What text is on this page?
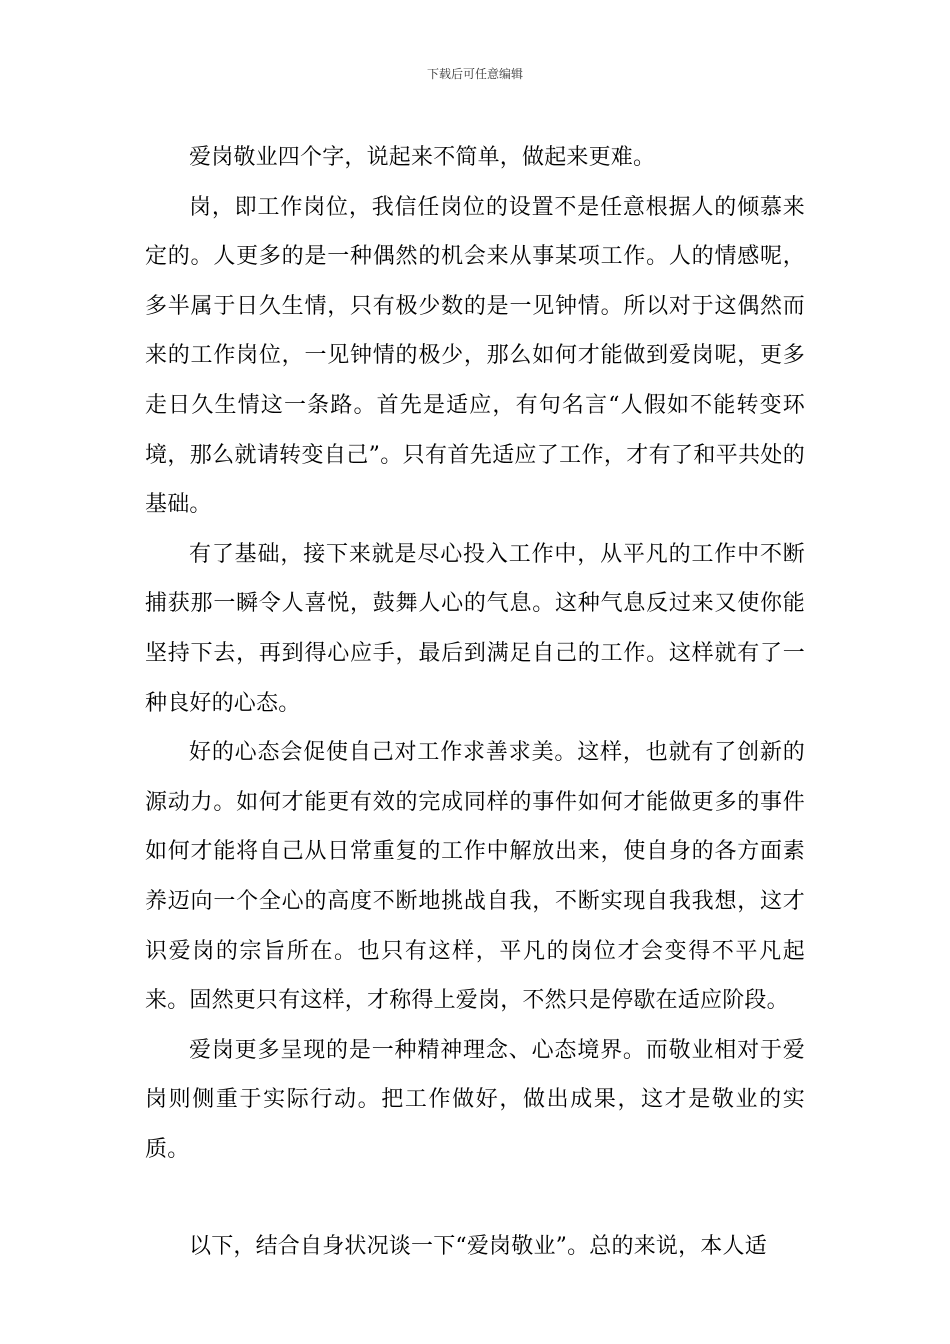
下载后可任意编辑

爱岗敬业四个字，说起来不简单，做起来更难。

岗，即工作岗位，我信任岗位的设置不是任意根据人的倾慕来定的。人更多的是一种偶然的机会来从事某项工作。人的情感呢，多半属于日久生情，只有极少数的是一见钟情。所以对于这偶然而来的工作岗位，一见钟情的极少，那么如何才能做到爱岗呢，更多走日久生情这一条路。首先是适应，有句名言“人假如不能转变环境，那么就请转变自己”。只有首先适应了工作，才有了和平共处的基础。

有了基础，接下来就是尽心投入工作中，从平凡的工作中不断捕获那一瞬令人喜悦，鼓舞人心的气息。这种气息反过来又使你能坚持下去，再到得心应手，最后到满足自己的工作。这样就有了一种良好的心态。

好的心态会促使自己对工作求善求美。这样，也就有了创新的源动力。如何才能更有效的完成同样的事件如何才能做更多的事件如何才能将自己从日常重复的工作中解放出来，使自身的各方面素养迈向一个全心的高度不断地挑战自我，不断实现自我我想，这才识爱岗的宗旨所在。也只有这样，平凡的岗位才会变得不平凡起来。固然更只有这样，才称得上爱岗，不然只是停歇在适应阶段。

爱岗更多呈现的是一种精神理念、心态境界。而敬业相对于爱岗则侧重于实际行动。把工作做好，做出成果，这才是敬业的实质。

以下，结合自身状况谈一下“爱岗敬业”。总的来说，本人适
